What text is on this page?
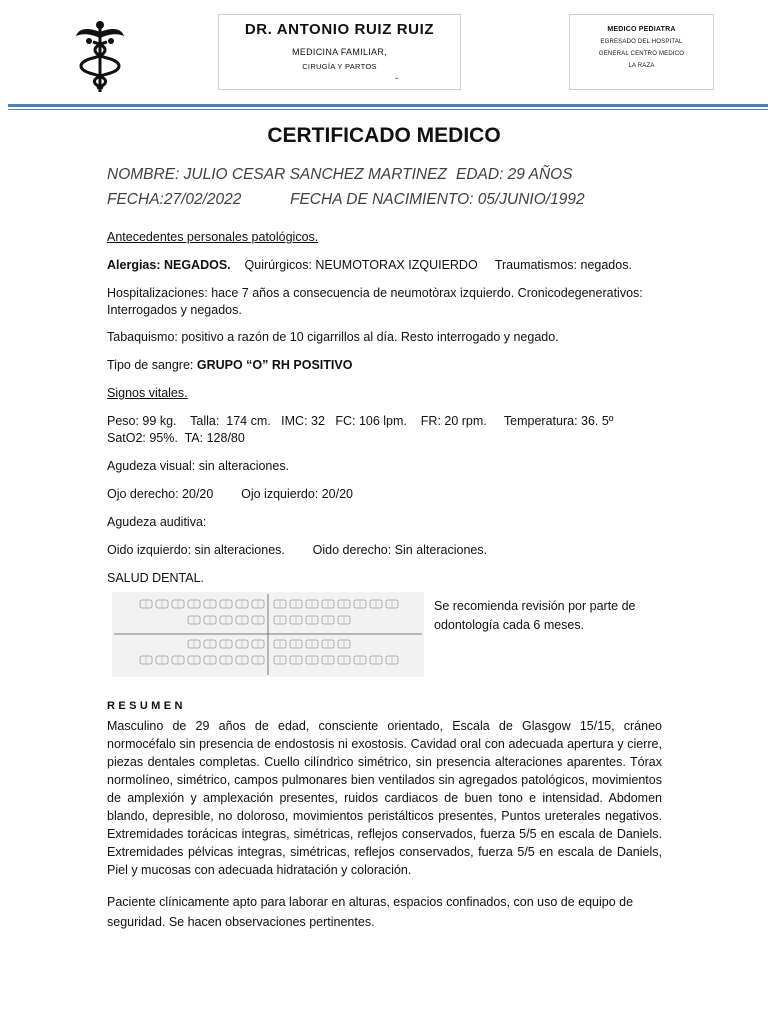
DR. ANTONIO RUIZ RUIZ
MEDICINA FAMILIAR,
CIRUGÍA Y PARTOS
-
MEDICO PEDIATRA
EGRESADO DEL HOSPITAL
GENERAL CENTRO MEDICO
LA RAZA
CERTIFICADO MEDICO
NOMBRE: JULIO CESAR SANCHEZ MARTINEZ EDAD: 29 AÑOS
FECHA:27/02/2022	FECHA DE NACIMIENTO: 05/JUNIO/1992
Antecedentes personales patológicos.
Alergias: NEGADOS. Quirúrgicos: NEUMOTORAX IZQUIERDO Traumatismos: negados.
Hospitalizaciones: hace 7 años a consecuencia de neumotòrax izquierdo. Cronicodegenerativos: Interrogados y negados.
Tabaquismo: positivo a razón de 10 cigarrillos al día. Resto interrogado y negado.
Tipo de sangre: GRUPO “O” RH POSITIVO
Signos vitales.
Peso: 99 kg.    Talla:  174 cm.   IMC: 32   FC: 106 lpm.    FR: 20 rpm.     Temperatura: 36. 5º
SatO2: 95%.  TA: 128/80
Agudeza visual: sin alteraciones.
Ojo derecho: 20/20 Ojo izquierdo: 20/20
Agudeza auditiva:
Oido izquierdo: sin alteraciones. Oido derecho: Sin alteraciones.
SALUD DENTAL.
Se recomienda revisión por parte de odontología cada 6 meses.
RESUMEN
Masculino de 29 años de edad, consciente orientado, Escala de Glasgow 15/15, cráneo normocéfalo sin presencia de endostosis ni exostosis. Cavidad oral con adecuada apertura y cierre, piezas dentales completas. Cuello cilíndrico simétrico, sin presencia alteraciones aparentes. Tórax normolíneo, simétrico, campos pulmonares bien ventilados sin agregados patológicos, movimientos de amplexión y amplexación presentes, ruidos cardiacos de buen tono e intensidad. Abdomen blando, depresible, no doloroso, movimientos peristálticos presentes, Puntos ureterales negativos. Extremidades torácicas integras, simétricas, reflejos conservados, fuerza 5/5 en escala de Daniels. Extremidades pélvicas integras, simétricas, reflejos conservados, fuerza 5/5 en escala de Daniels, Piel y mucosas con adecuada hidratación y coloración.
Paciente clínicamente apto para laborar en alturas, espacios confinados, con uso de equipo de seguridad. Se hacen observaciones pertinentes.
